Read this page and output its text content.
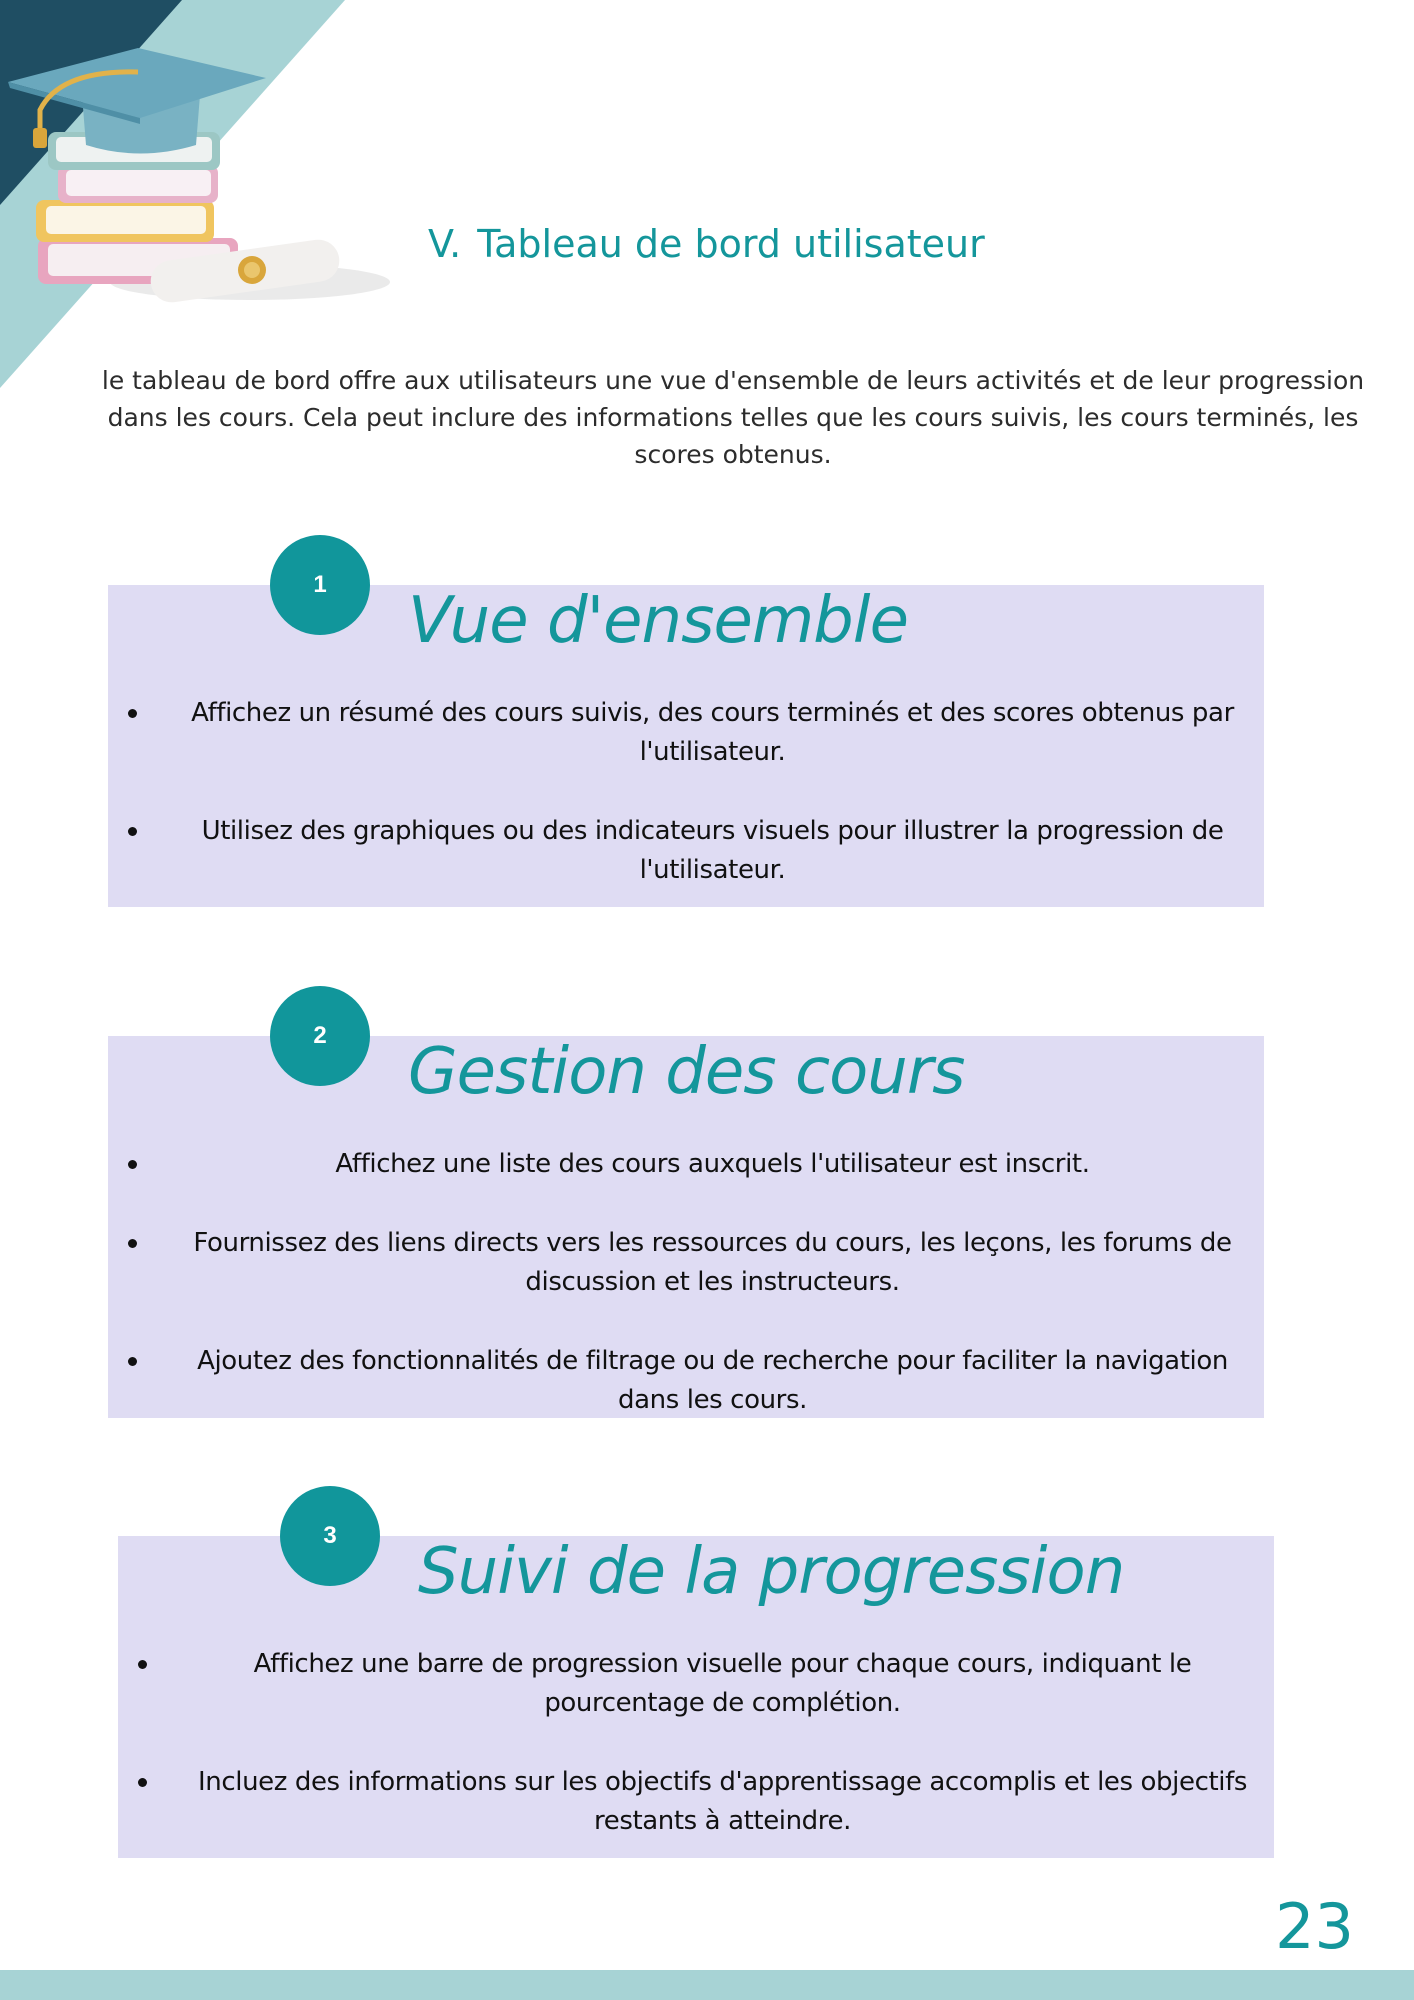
V. Tableau de bord utilisateur

le tableau de bord offre aux utilisateurs une vue d'ensemble de leurs activités et de leur progression dans les cours. Cela peut inclure des informations telles que les cours suivis, les cours terminés, les scores obtenus.

1	Vue d'ensemble
Affichez un résumé des cours suivis, des cours terminés et des scores obtenus par l'utilisateur.
Utilisez des graphiques ou des indicateurs visuels pour illustrer la progression de l'utilisateur.
2	Gestion des cours
Affichez une liste des cours auxquels l'utilisateur est inscrit.
Fournissez des liens directs vers les ressources du cours, les leçons, les forums de discussion et les instructeurs.
Ajoutez des fonctionnalités de filtrage ou de recherche pour faciliter la navigation dans les cours.
3	Suivi de la progression
Affichez une barre de progression visuelle pour chaque cours, indiquant le pourcentage de complétion.
Incluez des informations sur les objectifs d'apprentissage accomplis et les objectifs restants à atteindre.
23
